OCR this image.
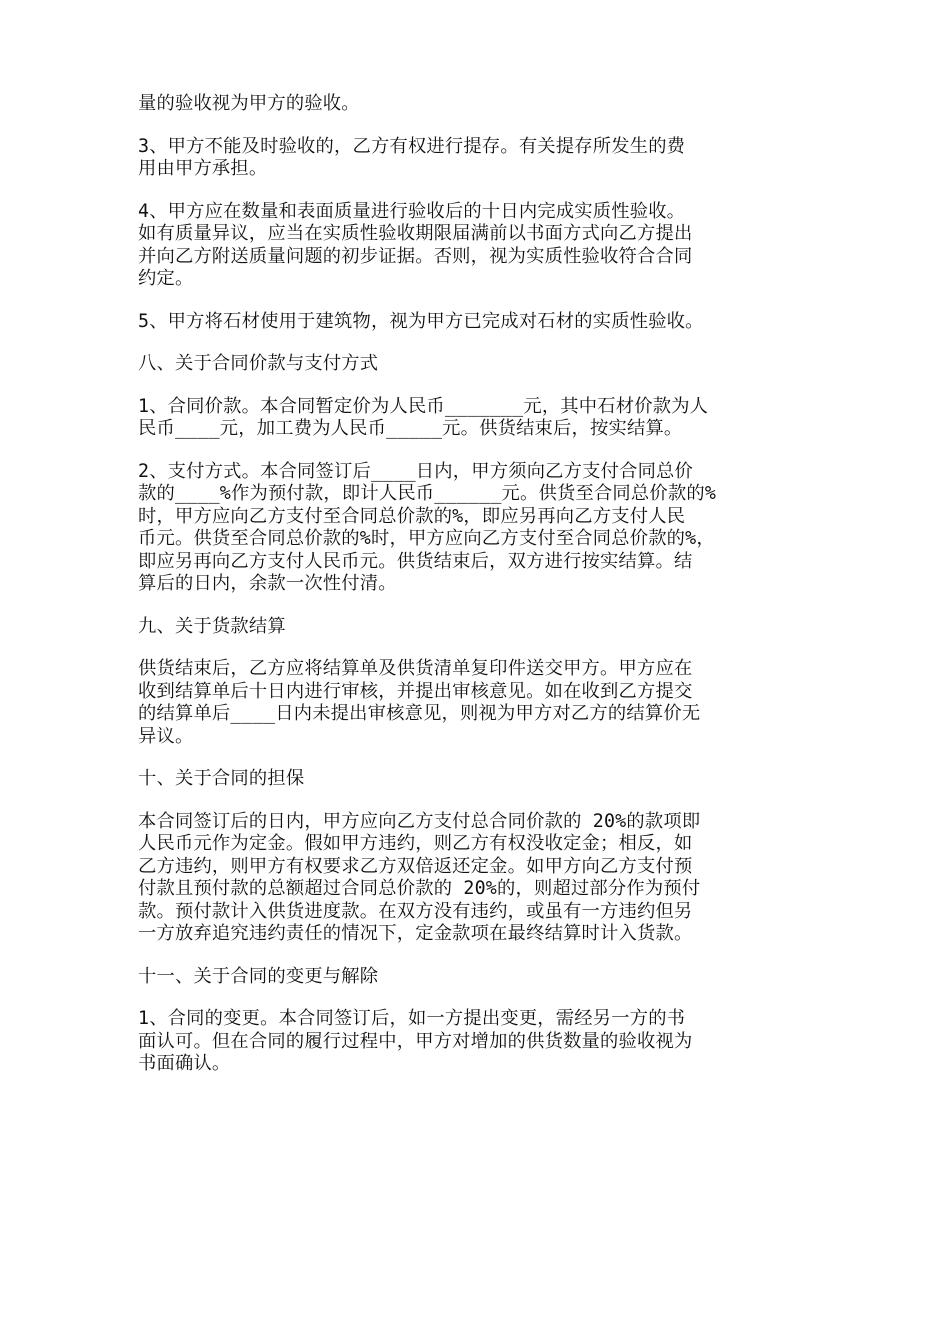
量的验收视为甲方的验收。

3、甲方不能及时验收的，乙方有权进行提存。有关提存所发生的费
用由甲方承担。

4、甲方应在数量和表面质量进行验收后的十日内完成实质性验收。
如有质量异议，应当在实质性验收期限届满前以书面方式向乙方提出
并向乙方附送质量问题的初步证据。否则，视为实质性验收符合合同
约定。

5、甲方将石材使用于建筑物，视为甲方已完成对石材的实质性验收。

八、关于合同价款与支付方式

1、合同价款。本合同暂定价为人民币_______元，其中石材价款为人
民币____元，加工费为人民币_____元。供货结束后，按实结算。

2、支付方式。本合同签订后____日内，甲方须向乙方支付合同总价
款的____%作为预付款，即计人民币______元。供货至合同总价款的%
时，甲方应向乙方支付至合同总价款的%，即应另再向乙方支付人民
币元。供货至合同总价款的%时，甲方应向乙方支付至合同总价款的%，
即应另再向乙方支付人民币元。供货结束后，双方进行按实结算。结
算后的日内，余款一次性付清。

九、关于货款结算

供货结束后，乙方应将结算单及供货清单复印件送交甲方。甲方应在
收到结算单后十日内进行审核，并提出审核意见。如在收到乙方提交
的结算单后____日内未提出审核意见，则视为甲方对乙方的结算价无
异议。

十、关于合同的担保

本合同签订后的日内，甲方应向乙方支付总合同价款的 20%的款项即
人民币元作为定金。假如甲方违约，则乙方有权没收定金；相反，如
乙方违约，则甲方有权要求乙方双倍返还定金。如甲方向乙方支付预
付款且预付款的总额超过合同总价款的 20%的，则超过部分作为预付
款。预付款计入供货进度款。在双方没有违约，或虽有一方违约但另
一方放弃追究违约责任的情况下，定金款项在最终结算时计入货款。

十一、关于合同的变更与解除

1、合同的变更。本合同签订后，如一方提出变更，需经另一方的书
面认可。但在合同的履行过程中，甲方对增加的供货数量的验收视为
书面确认。
